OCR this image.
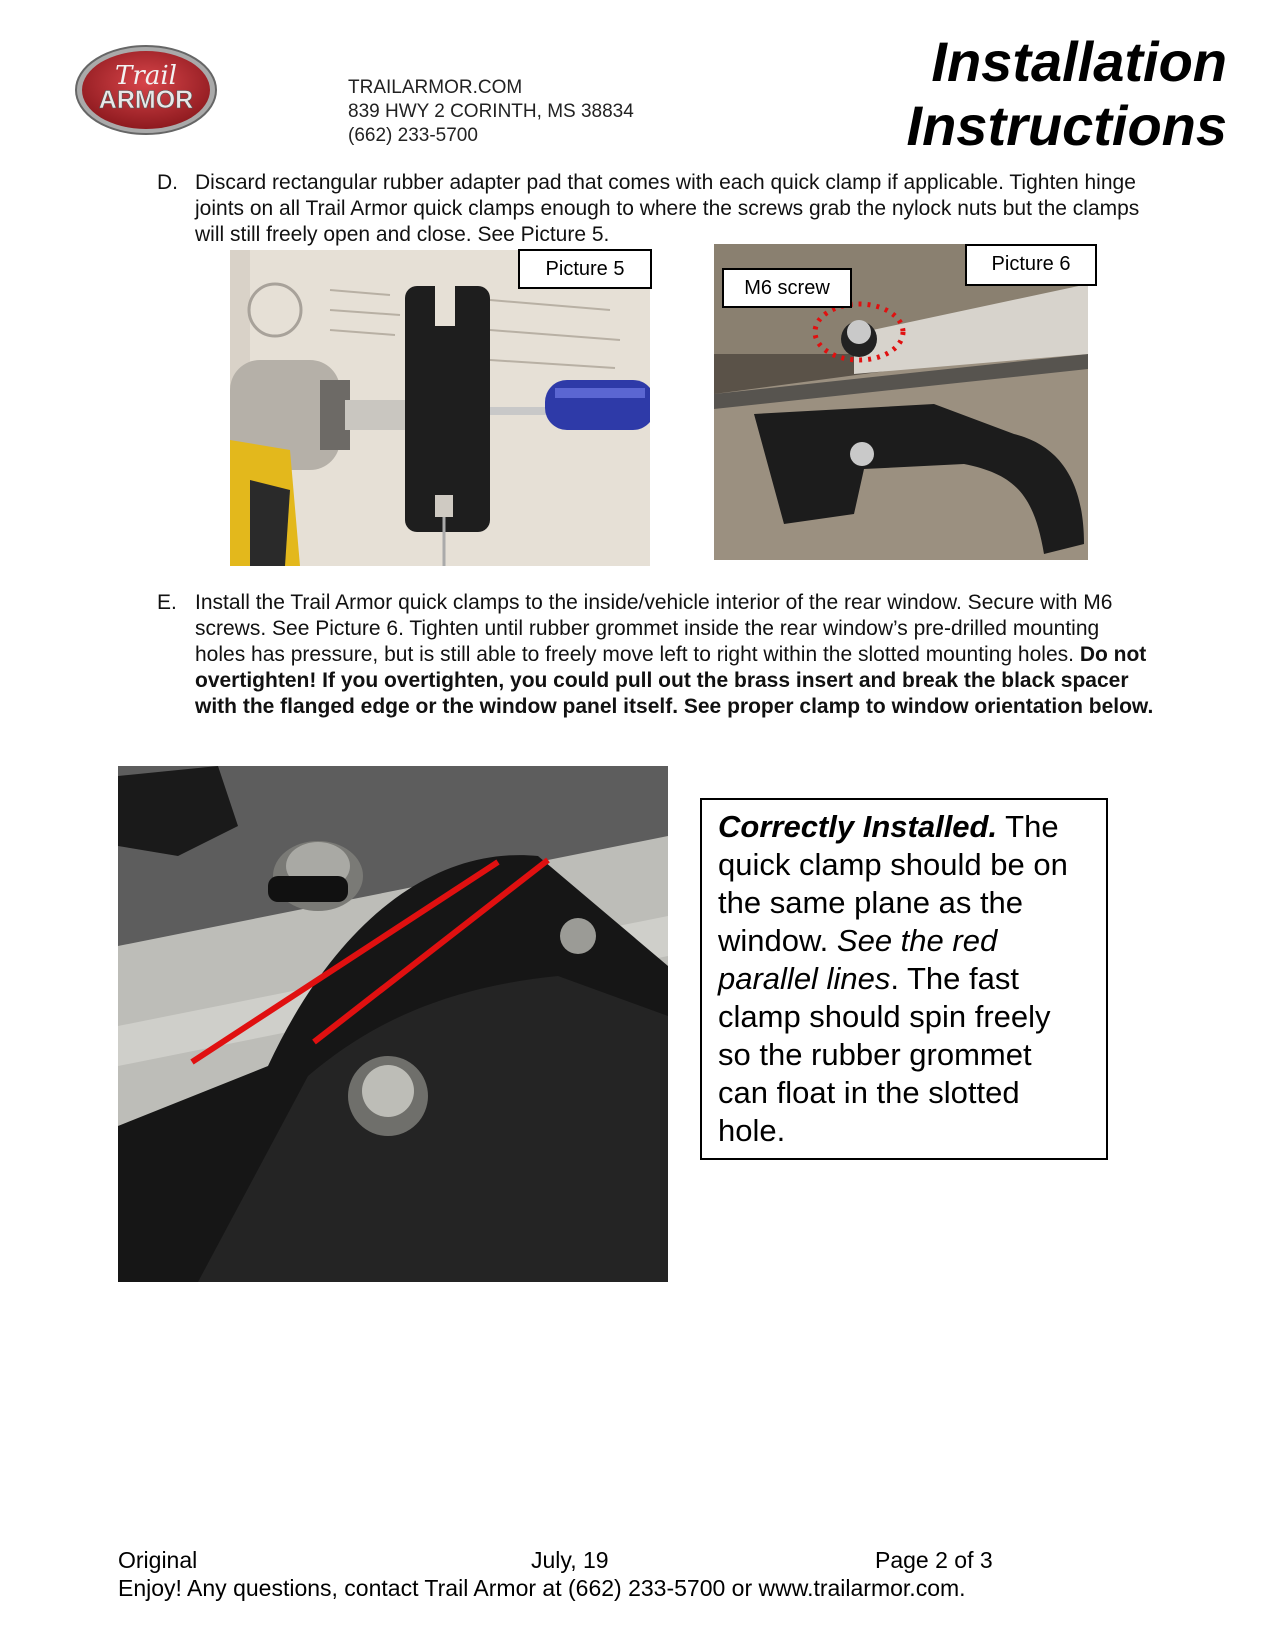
Trail
ARMOR	TRAILARMOR.COM
839 HWY 2 CORINTH, MS 38834
(662) 233-5700
Installation
Instructions
D. Discard rectangular rubber adapter pad that comes with each quick clamp if applicable. Tighten hinge joints on all Trail Armor quick clamps enough to where the screws grab the nylock nuts but the clamps will still freely open and close. See Picture 5.
Picture 5	Picture 6
M6 screw
E. Install the Trail Armor quick clamps to the inside/vehicle interior of the rear window. Secure with M6 screws. See Picture 6. Tighten until rubber grommet inside the rear window’s pre-drilled mounting holes has pressure, but is still able to freely move left to right within the slotted mounting holes. Do not overtighten! If you overtighten, you could pull out the brass insert and break the black spacer with the flanged edge or the window panel itself. See proper clamp to window orientation below.
Correctly Installed. The quick clamp should be on the same plane as the window. See the red parallel lines. The fast clamp should spin freely so the rubber grommet can float in the slotted hole.
Original	July, 19	Page 2 of 3
Enjoy! Any questions, contact Trail Armor at (662) 233-5700 or www.trailarmor.com.
